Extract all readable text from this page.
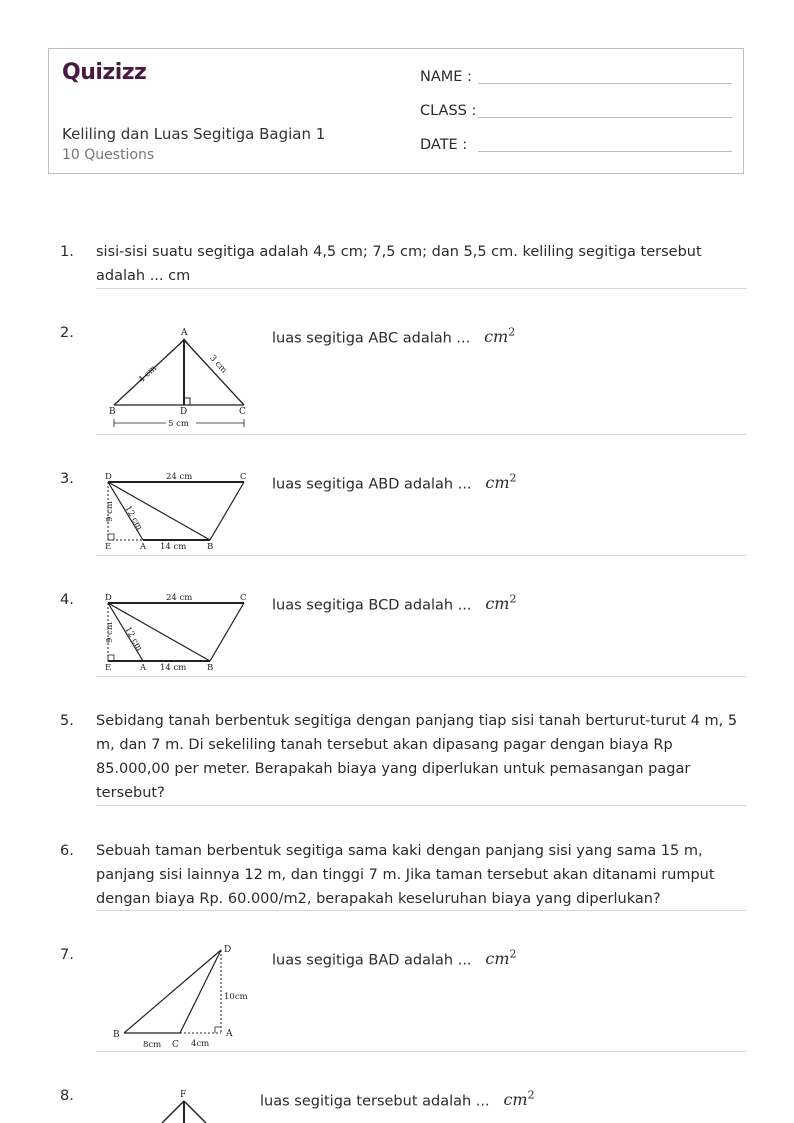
Quizizz
Keliling dan Luas Segitiga Bagian 1
10 Questions
NAME :
CLASS :
DATE :
1. sisi-sisi suatu segitiga adalah 4,5 cm; 7,5 cm; dan 5,5 cm. keliling segitiga tersebut adalah ... cm
2.	A
B	C
D
4 cm	3 cm
5 cm
luas segitiga ABC adalah ... $cm^2$
3.	D	C
E	A	B
24 cm
9 cm 12 cm
14 cm
luas segitiga ABD adalah ... $cm^2$
4.	D	C
E	A	B
24 cm
9 cm 12 cm
14 cm
luas segitiga BCD adalah ... $cm^2$
5. Sebidang tanah berbentuk segitiga dengan panjang tiap sisi tanah berturut-turut 4 m, 5 m, dan 7 m. Di sekeliling tanah tersebut akan dipasang pagar dengan biaya Rp 85.000,00 per meter. Berapakah biaya yang diperlukan untuk pemasangan pagar tersebut?
6. Sebuah taman berbentuk segitiga sama kaki dengan panjang sisi yang sama 15 m, panjang sisi lainnya 12 m, dan tinggi 7 m. Jika taman tersebut akan ditanami rumput dengan biaya Rp. 60.000/m2, berapakah keseluruhan biaya yang diperlukan?
7.	D
B
C
A
10cm
8cm	4cm
luas segitiga BAD adalah ... $cm^2$
8.	F	luas segitiga tersebut adalah ... $cm^2$
